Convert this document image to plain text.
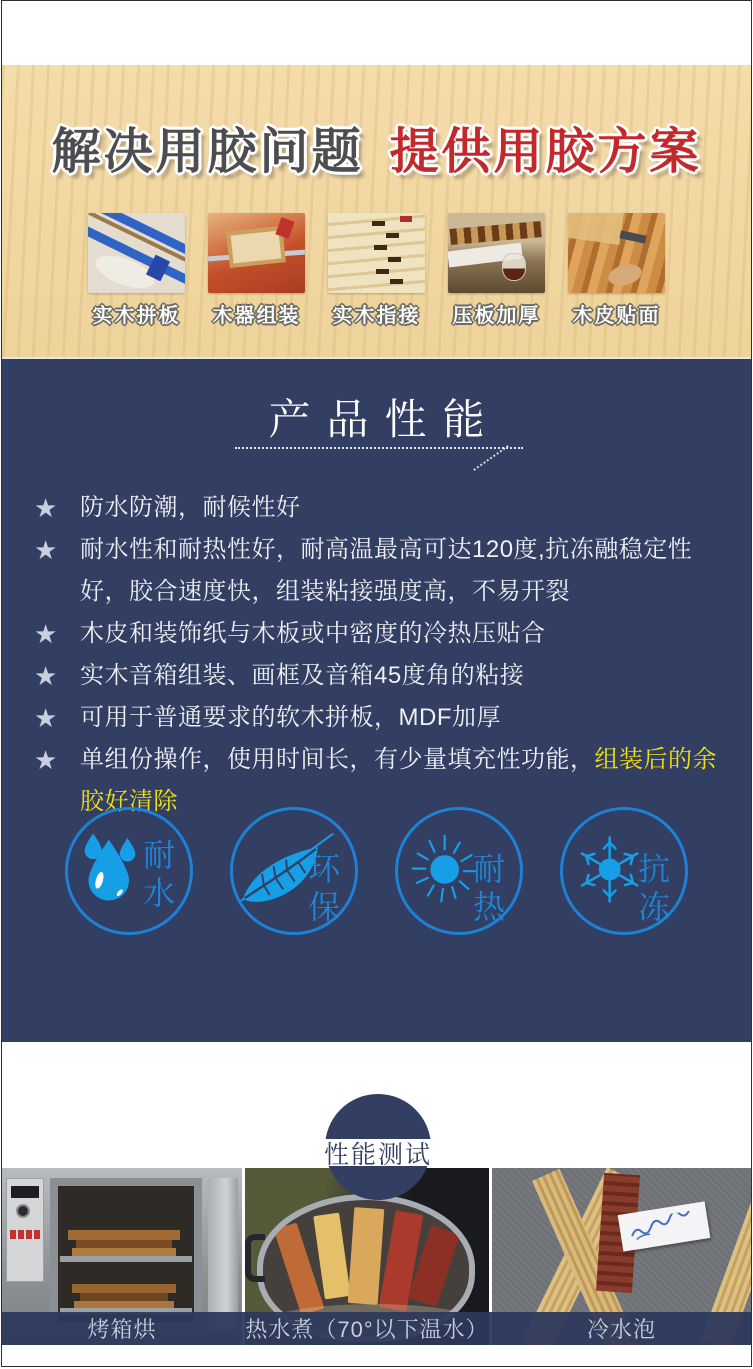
解决用胶问题 提供用胶方案
实木拼板 木器组装 实木指接 压板加厚 木皮贴面
产品性能
★ 防水防潮，耐候性好
★ 耐水性和耐热性好，耐高温最高可达120度,抗冻融稳定性好，胶合速度快，组装粘接强度高，不易开裂
★ 木皮和装饰纸与木板或中密度的冷热压贴合
★ 实木音箱组装、画框及音箱45度角的粘接
★ 可用于普通要求的软木拼板，MDF加厚
★ 单组份操作，使用时间长，有少量填充性功能，组装后的余胶好清除
耐水
环保
耐热
抗冻
性能测试
烤箱烘	热水煮（70°以下温水）	冷水泡
